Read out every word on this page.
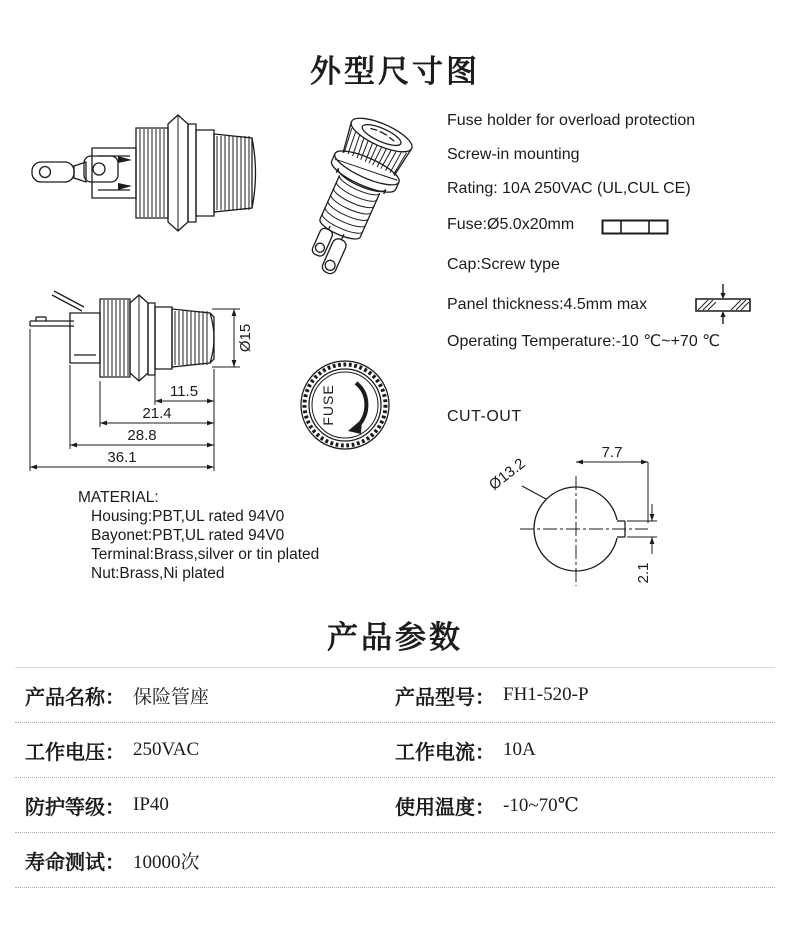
外型尺寸图
Ø15
11.5
21.4
28.8
36.1
FUSE
7.7
Ø13.2
2.1
Fuse holder for overload protection
Screw-in mounting
Rating: 10A 250VAC (UL,CUL CE)
Fuse:Ø5.0x20mm
Cap:Screw type
Panel thickness:4.5mm max
Operating Temperature:-10 ℃~+70 ℃
CUT-OUT
MATERIAL:
Housing:PBT,UL rated 94V0
Bayonet:PBT,UL rated 94V0
Terminal:Brass,silver or tin plated
Nut:Brass,Ni plated
产品参数
产品名称： 保险管座	产品型号： FH1-520-P
工作电压： 250VAC	工作电流： 10A
防护等级： IP40	使用温度： -10~70℃
寿命测试： 10000次
